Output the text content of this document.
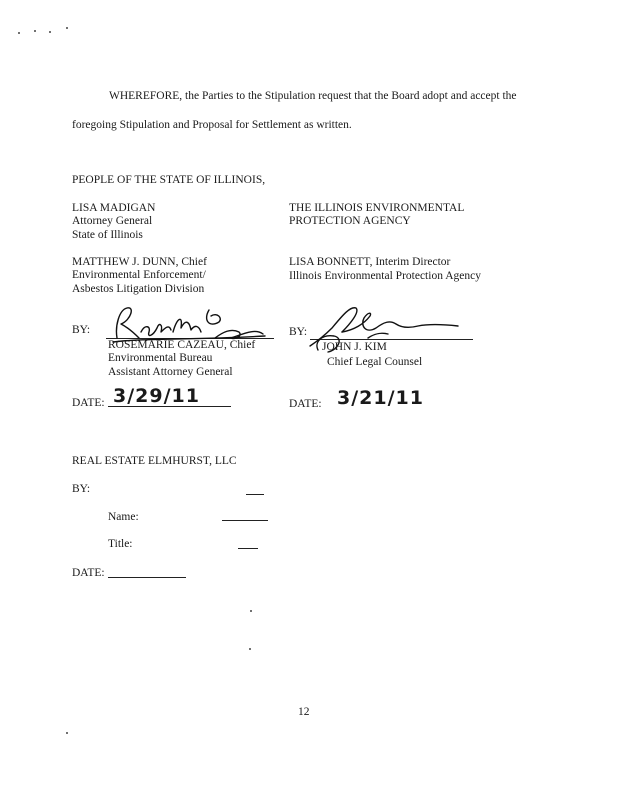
WHEREFORE, the Parties to the Stipulation request that the Board adopt and accept the
foregoing Stipulation and Proposal for Settlement as written.
PEOPLE OF THE STATE OF ILLINOIS,
LISA MADIGAN
Attorney General
State of Illinois
MATTHEW J. DUNN, Chief
Environmental Enforcement/
Asbestos Litigation Division
BY:
ROSEMARIE CAZEAU, Chief
Environmental Bureau
Assistant Attorney General
DATE: 3/29/11
THE ILLINOIS ENVIRONMENTAL
PROTECTION AGENCY
LISA BONNETT, Interim Director
Illinois Environmental Protection Agency
BY:
JOHN J. KIM
Chief Legal Counsel
DATE: 3/21/11
REAL ESTATE ELMHURST, LLC
BY:
Name:
Title:
DATE:
12
